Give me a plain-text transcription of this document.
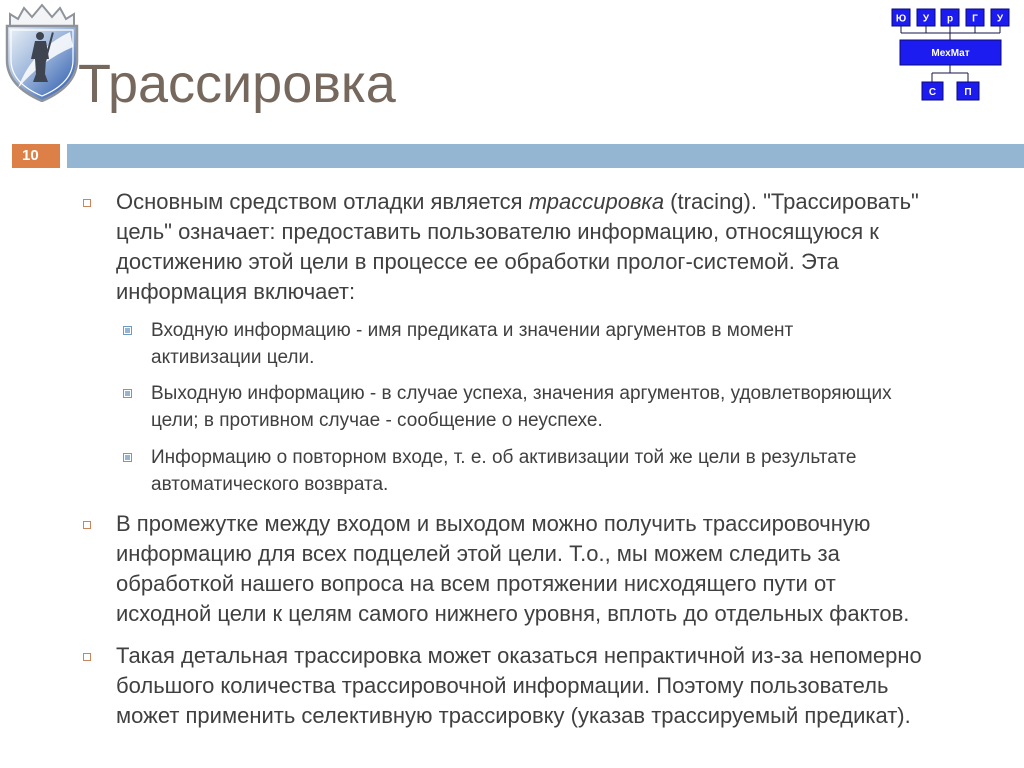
Трассировка
Ю У р Г У
МехМат
С	П
10
Основным средством отладки является трассировка (tracing). "Трассировать"
цель" означает: предоставить пользователю информацию, относящуюся к
достижению этой цели в процессе ее обработки пролог-системой. Эта
информация включает:
Входную информацию - имя предиката и значении аргументов в момент
активизации цели.
Выходную информацию - в случае успеха, значения аргументов, удовлетворяющих
цели; в противном случае - сообщение о неуспехе.
Информацию о повторном входе, т. е. об активизации той же цели в результате
автоматического возврата.
В промежутке между входом и выходом можно получить трассировочную
информацию для всех подцелей этой цели. Т.о., мы можем следить за
обработкой нашего вопроса на всем протяжении нисходящего пути от
исходной цели к целям самого нижнего уровня, вплоть до отдельных фактов.
Такая детальная трассировка может оказаться непрактичной из-за непомерно
большого количества трассировочной информации. Поэтому пользователь
может применить селективную трассировку (указав трассируемый предикат).
